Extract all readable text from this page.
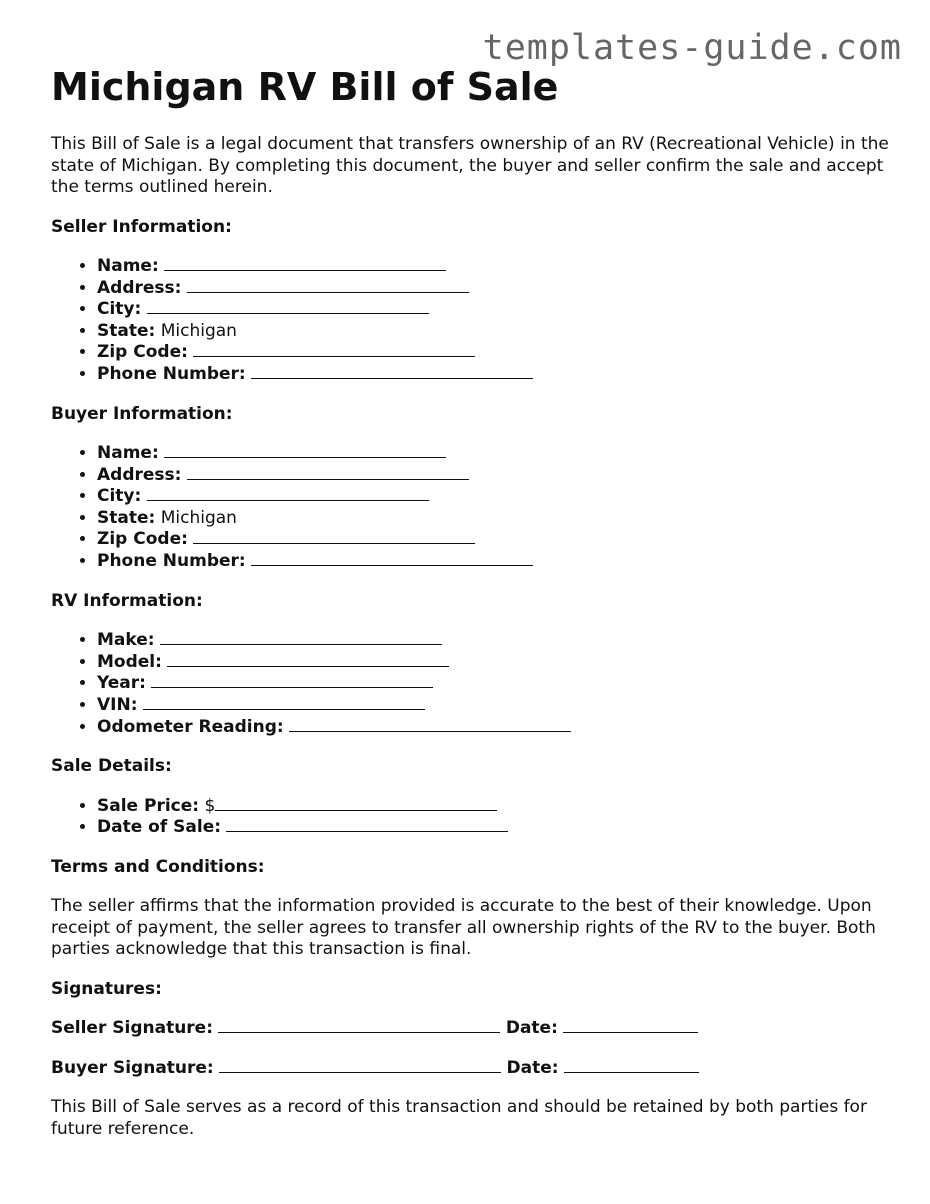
templates-guide.com
Michigan RV Bill of Sale

This Bill of Sale is a legal document that transfers ownership of an RV (Recreational Vehicle) in the state of Michigan. By completing this document, the buyer and seller confirm the sale and accept the terms outlined herein.

Seller Information:
• Name:
• Address:
• City:
• State: Michigan
• Zip Code:
• Phone Number:
Buyer Information:
• Name:
• Address:
• City:
• State: Michigan
• Zip Code:
• Phone Number:
RV Information:
• Make:
• Model:
• Year:
• VIN:
• Odometer Reading:
Sale Details:
• Sale Price: $
• Date of Sale:
Terms and Conditions:

The seller affirms that the information provided is accurate to the best of their knowledge. Upon receipt of payment, the seller agrees to transfer all ownership rights of the RV to the buyer. Both parties acknowledge that this transaction is final.

Signatures:
Seller Signature:	Date:
Buyer Signature:	Date:

This Bill of Sale serves as a record of this transaction and should be retained by both parties for future reference.
